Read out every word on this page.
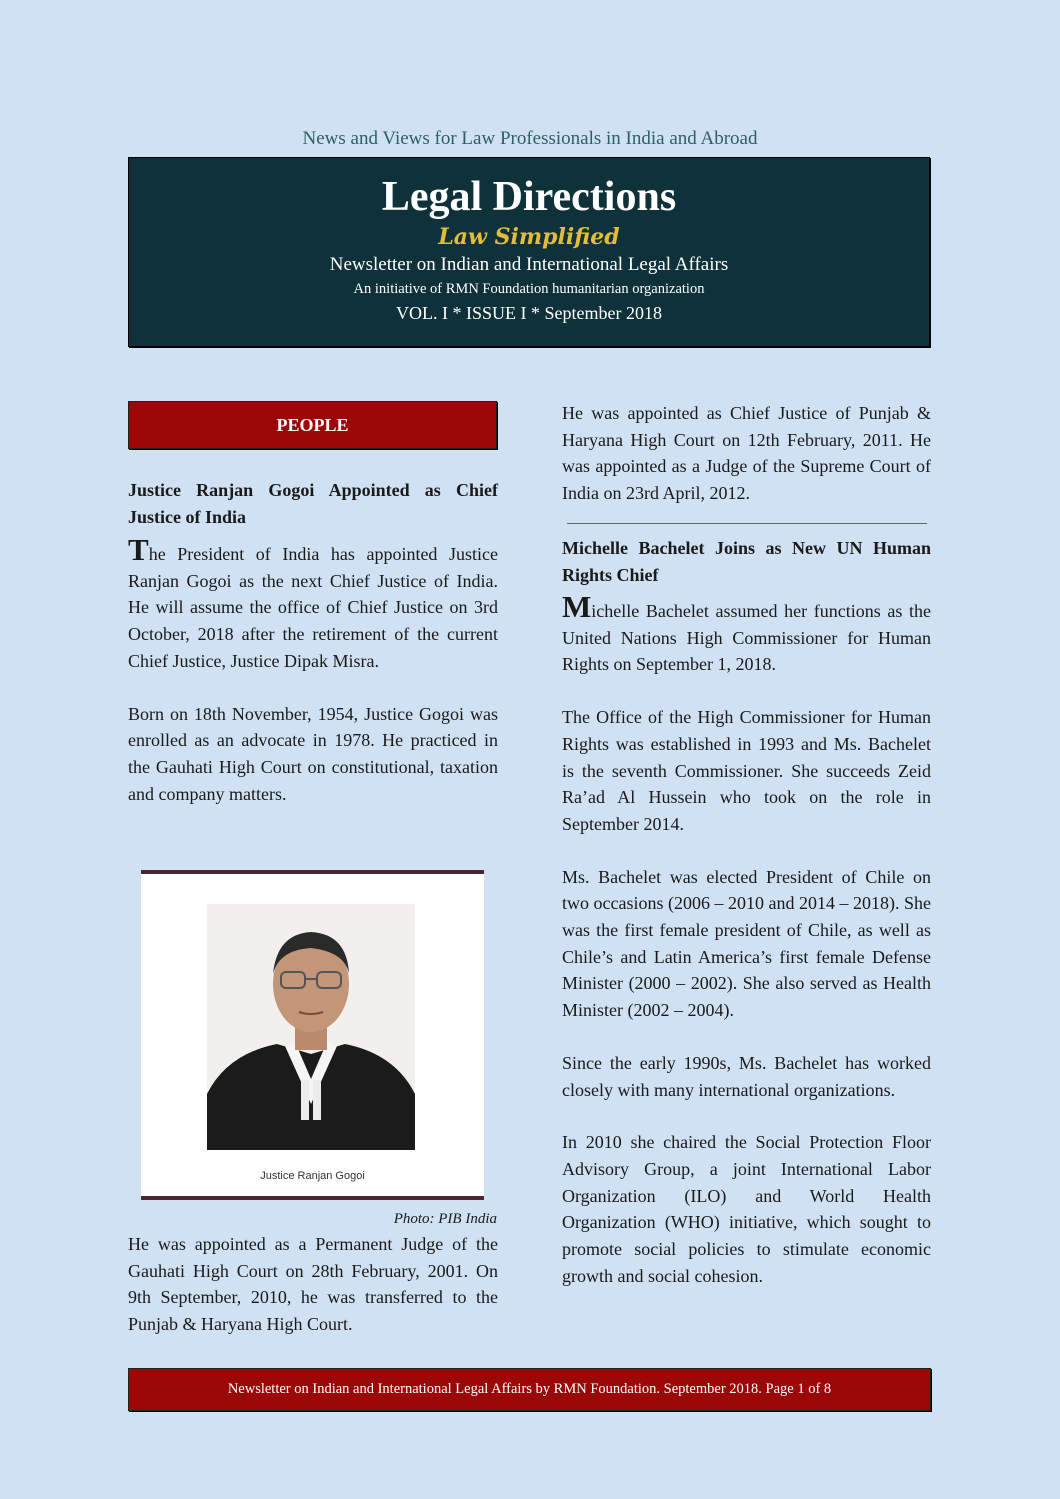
News and Views for Law Professionals in India and Abroad
Legal Directions
Law Simplified
Newsletter on Indian and International Legal Affairs
An initiative of RMN Foundation humanitarian organization
VOL. I * ISSUE I * September 2018
PEOPLE
Justice Ranjan Gogoi Appointed as Chief Justice of India

The President of India has appointed Justice Ranjan Gogoi as the next Chief Justice of India. He will assume the office of Chief Justice on 3rd October, 2018 after the retirement of the current Chief Justice, Justice Dipak Misra.

Born on 18th November, 1954, Justice Gogoi was enrolled as an advocate in 1978. He practiced in the Gauhati High Court on constitutional, taxation and company matters.

Justice Ranjan Gogoi
Photo: PIB India

He was appointed as a Permanent Judge of the Gauhati High Court on 28th February, 2001. On 9th September, 2010, he was transferred to the Punjab & Haryana High Court.

He was appointed as Chief Justice of Punjab & Haryana High Court on 12th February, 2011. He was appointed as a Judge of the Supreme Court of India on 23rd April, 2012.

Michelle Bachelet Joins as New UN Human Rights Chief

Michelle Bachelet assumed her functions as the United Nations High Commissioner for Human Rights on September 1, 2018.

The Office of the High Commissioner for Human Rights was established in 1993 and Ms. Bachelet is the seventh Commissioner. She succeeds Zeid Ra’ad Al Hussein who took on the role in September 2014.

Ms. Bachelet was elected President of Chile on two occasions (2006 – 2010 and 2014 – 2018). She was the first female president of Chile, as well as Chile’s and Latin America’s first female Defense Minister (2000 – 2002). She also served as Health Minister (2002 – 2004).

Since the early 1990s, Ms. Bachelet has worked closely with many international organizations.

In 2010 she chaired the Social Protection Floor Advisory Group, a joint International Labor Organization (ILO) and World Health Organization (WHO) initiative, which sought to promote social policies to stimulate economic growth and social cohesion.

Newsletter on Indian and International Legal Affairs by RMN Foundation. September 2018. Page 1 of 8
